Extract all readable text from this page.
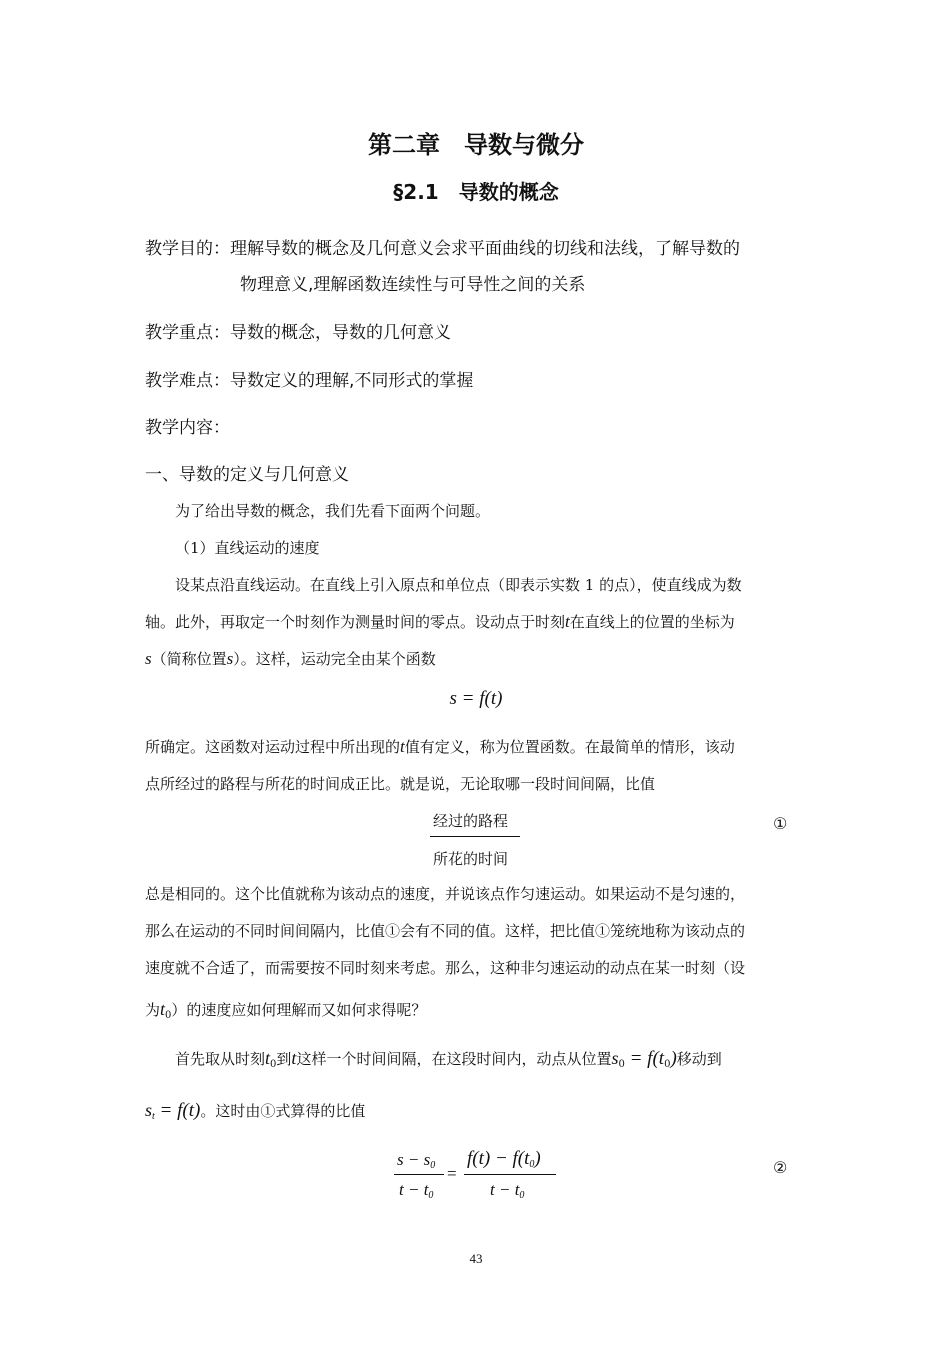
第二章　导数与微分
§2.1　导数的概念
教学目的：理解导数的概念及几何意义会求平面曲线的切线和法线，了解导数的
物理意义,理解函数连续性与可导性之间的关系
教学重点：导数的概念，导数的几何意义
教学难点：导数定义的理解,不同形式的掌握
教学内容：
一、导数的定义与几何意义
为了给出导数的概念，我们先看下面两个问题。
（1）直线运动的速度
设某点沿直线运动。在直线上引入原点和单位点（即表示实数 1 的点），使直线成为数
轴。此外，再取定一个时刻作为测量时间的零点。设动点于时刻t在直线上的位置的坐标为
s（简称位置s）。这样，运动完全由某个函数
s = f(t)
所确定。这函数对运动过程中所出现的t值有定义，称为位置函数。在最简单的情形，该动
点所经过的路程与所花的时间成正比。就是说，无论取哪一段时间间隔，比值
经过的路程
所花的时间
①
总是相同的。这个比值就称为该动点的速度，并说该点作匀速运动。如果运动不是匀速的，
那么在运动的不同时间间隔内，比值①会有不同的值。这样，把比值①笼统地称为该动点的
速度就不合适了，而需要按不同时刻来考虑。那么，这种非匀速运动的动点在某一时刻（设
为$t_0$）的速度应如何理解而又如何求得呢？
首先取从时刻$t_0$到t这样一个时间间隔，在这段时间内，动点从位置$s_0 = f(t_0)$移动到
$s_t = f(t)$。这时由①式算得的比值
$s - s_0$
$t - t_0$
=
$f(t) - f(t_0)$
$t - t_0$
②
43
